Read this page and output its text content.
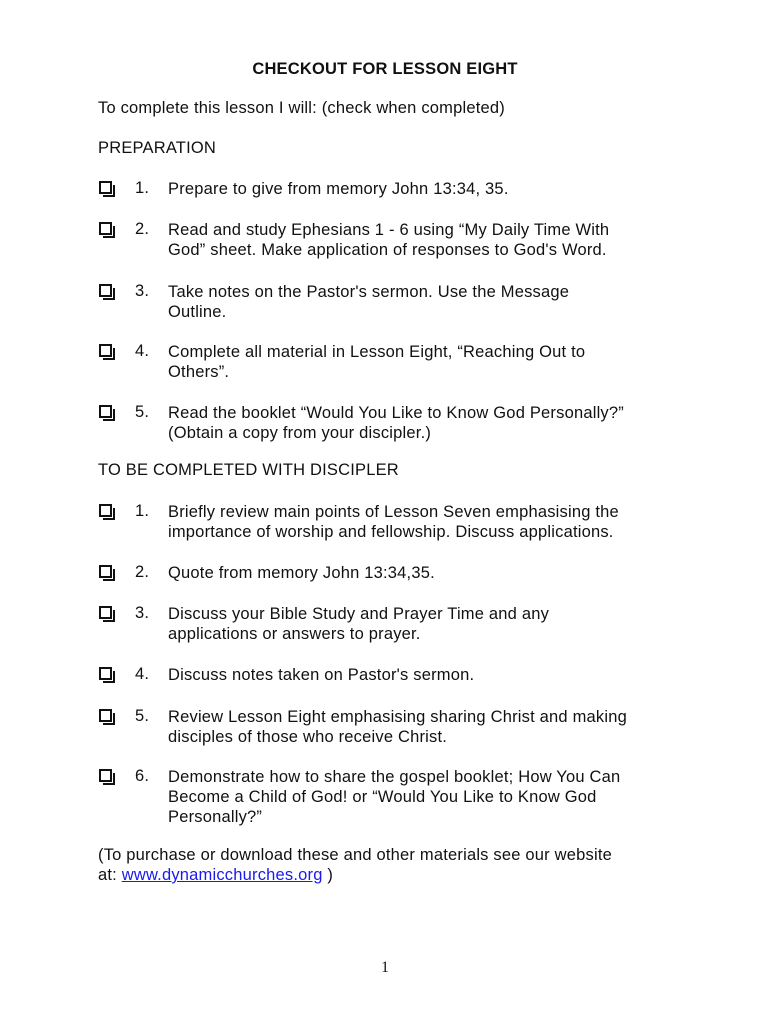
CHECKOUT FOR LESSON EIGHT
To complete this lesson I will: (check when completed)
PREPARATION
1. Prepare to give from memory John 13:34, 35.
2. Read and study Ephesians 1 - 6 using “My Daily Time With
God” sheet. Make application of responses to God's Word.
3. Take notes on the Pastor's sermon. Use the Message
Outline.
4. Complete all material in Lesson Eight, “Reaching Out to
Others”.
5. Read the booklet “Would You Like to Know God Personally?”
(Obtain a copy from your discipler.)
TO BE COMPLETED WITH DISCIPLER
1. Briefly review main points of Lesson Seven emphasising the
importance of worship and fellowship. Discuss applications.
2. Quote from memory John 13:34,35.
3. Discuss your Bible Study and Prayer Time and any
applications or answers to prayer.
4. Discuss notes taken on Pastor's sermon.
5. Review Lesson Eight emphasising sharing Christ and making
disciples of those who receive Christ.
6. Demonstrate how to share the gospel booklet; How You Can
Become a Child of God! or “Would You Like to Know God
Personally?”
(To purchase or download these and other materials see our website
at: www.dynamicchurches.org )
1
